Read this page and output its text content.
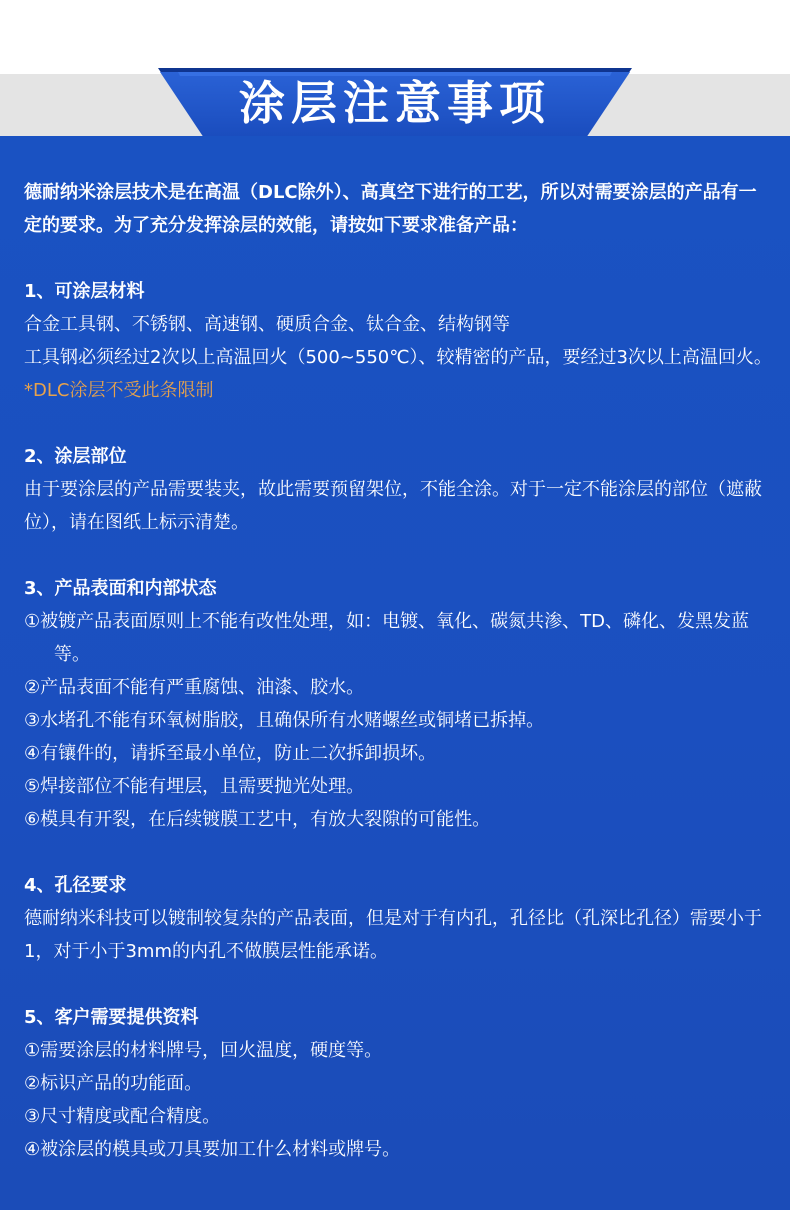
涂层注意事项

德耐纳米涂层技术是在高温（DLC除外）、高真空下进行的工艺，所以对需要涂层的产品有一定的要求。为了充分发挥涂层的效能，请按如下要求准备产品：

1、可涂层材料

合金工具钢、不锈钢、高速钢、硬质合金、钛合金、结构钢等

工具钢必须经过2次以上高温回火（500~550℃）、较精密的产品，要经过3次以上高温回火。*DLC涂层不受此条限制

2、涂层部位

由于要涂层的产品需要装夹，故此需要预留架位，不能全涂。对于一定不能涂层的部位（遮蔽位），请在图纸上标示清楚。

3、产品表面和内部状态

①被镀产品表面原则上不能有改性处理，如：电镀、氧化、碳氮共渗、TD、磷化、发黑发蓝等。

②产品表面不能有严重腐蚀、油漆、胶水。

③水堵孔不能有环氧树脂胶，且确保所有水赌螺丝或铜堵已拆掉。

④有镶件的，请拆至最小单位，防止二次拆卸损坏。

⑤焊接部位不能有埋层，且需要抛光处理。

⑥模具有开裂，在后续镀膜工艺中，有放大裂隙的可能性。

4、孔径要求

德耐纳米科技可以镀制较复杂的产品表面，但是对于有内孔，孔径比（孔深比孔径）需要小于1，对于小于3mm的内孔不做膜层性能承诺。

5、客户需要提供资料

①需要涂层的材料牌号，回火温度，硬度等。

②标识产品的功能面。

③尺寸精度或配合精度。

④被涂层的模具或刀具要加工什么材料或牌号。
